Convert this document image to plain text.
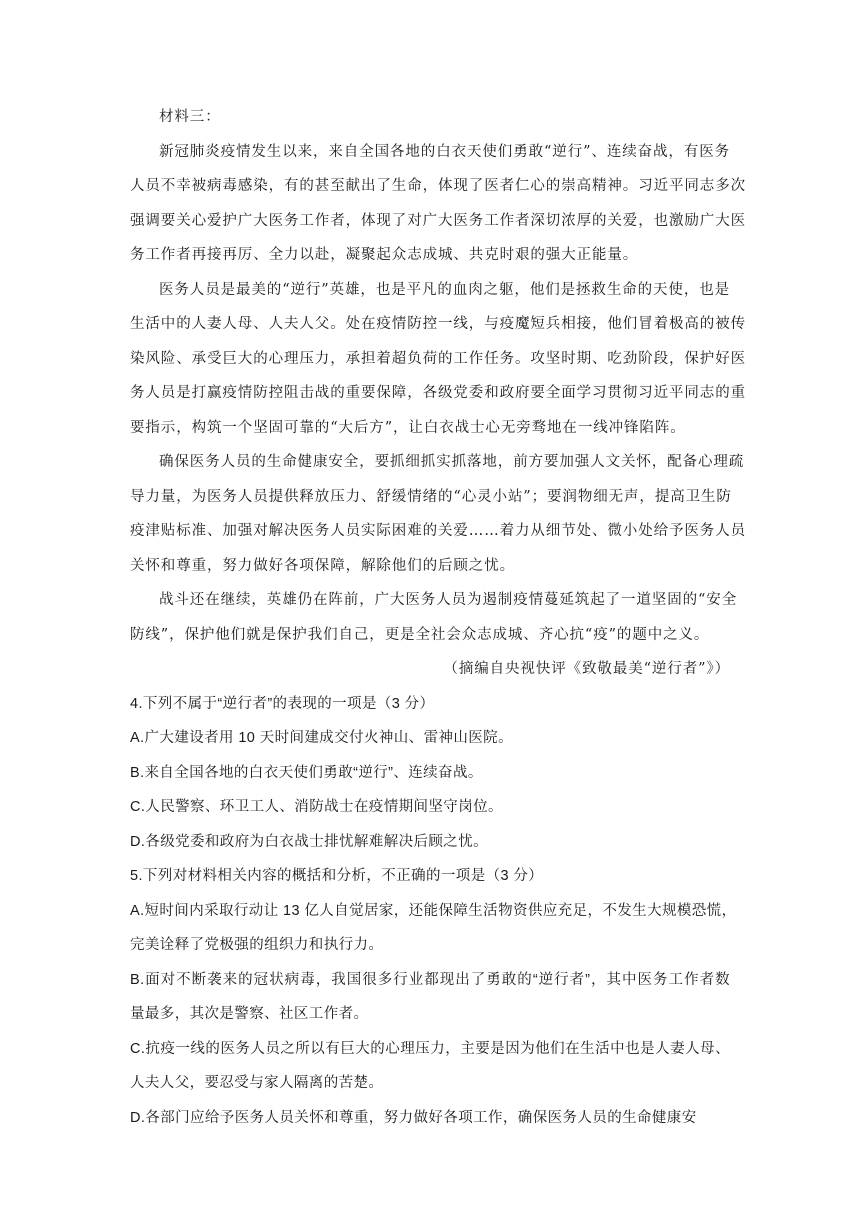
材料三：
新冠肺炎疫情发生以来，来自全国各地的白衣天使们勇敢“逆行”、连续奋战，有医务
人员不幸被病毒感染，有的甚至献出了生命，体现了医者仁心的崇高精神。习近平同志多次
强调要关心爱护广大医务工作者，体现了对广大医务工作者深切浓厚的关爱，也激励广大医
务工作者再接再厉、全力以赴，凝聚起众志成城、共克时艰的强大正能量。
医务人员是最美的“逆行”英雄，也是平凡的血肉之躯，他们是拯救生命的天使，也是
生活中的人妻人母、人夫人父。处在疫情防控一线，与疫魔短兵相接，他们冒着极高的被传
染风险、承受巨大的心理压力，承担着超负荷的工作任务。攻坚时期、吃劲阶段，保护好医
务人员是打赢疫情防控阻击战的重要保障，各级党委和政府要全面学习贯彻习近平同志的重
要指示，构筑一个坚固可靠的“大后方”，让白衣战士心无旁骛地在一线冲锋陷阵。
确保医务人员的生命健康安全，要抓细抓实抓落地，前方要加强人文关怀，配备心理疏
导力量，为医务人员提供释放压力、舒缓情绪的“心灵小站”；要润物细无声，提高卫生防
疫津贴标准、加强对解决医务人员实际困难的关爱……着力从细节处、微小处给予医务人员
关怀和尊重，努力做好各项保障，解除他们的后顾之忧。
战斗还在继续，英雄仍在阵前，广大医务人员为遏制疫情蔓延筑起了一道坚固的“安全
防线”，保护他们就是保护我们自己，更是全社会众志成城、齐心抗“疫”的题中之义。
（摘编自央视快评《致敬最美“逆行者”》）
4.下列不属于“逆行者”的表现的一项是（3 分）
A.广大建设者用 10 天时间建成交付火神山、雷神山医院。
B.来自全国各地的白衣天使们勇敢“逆行”、连续奋战。
C.人民警察、环卫工人、消防战士在疫情期间坚守岗位。
D.各级党委和政府为白衣战士排忧解难解决后顾之忧。
5.下列对材料相关内容的概括和分析，不正确的一项是（3 分）
A.短时间内采取行动让 13 亿人自觉居家，还能保障生活物资供应充足，不发生大规模恐慌，
完美诠释了党极强的组织力和执行力。
B.面对不断袭来的冠状病毒，我国很多行业都现出了勇敢的“逆行者”，其中医务工作者数
量最多，其次是警察、社区工作者。
C.抗疫一线的医务人员之所以有巨大的心理压力，主要是因为他们在生活中也是人妻人母、
人夫人父，要忍受与家人隔离的苦楚。
D.各部门应给予医务人员关怀和尊重，努力做好各项工作，确保医务人员的生命健康安
